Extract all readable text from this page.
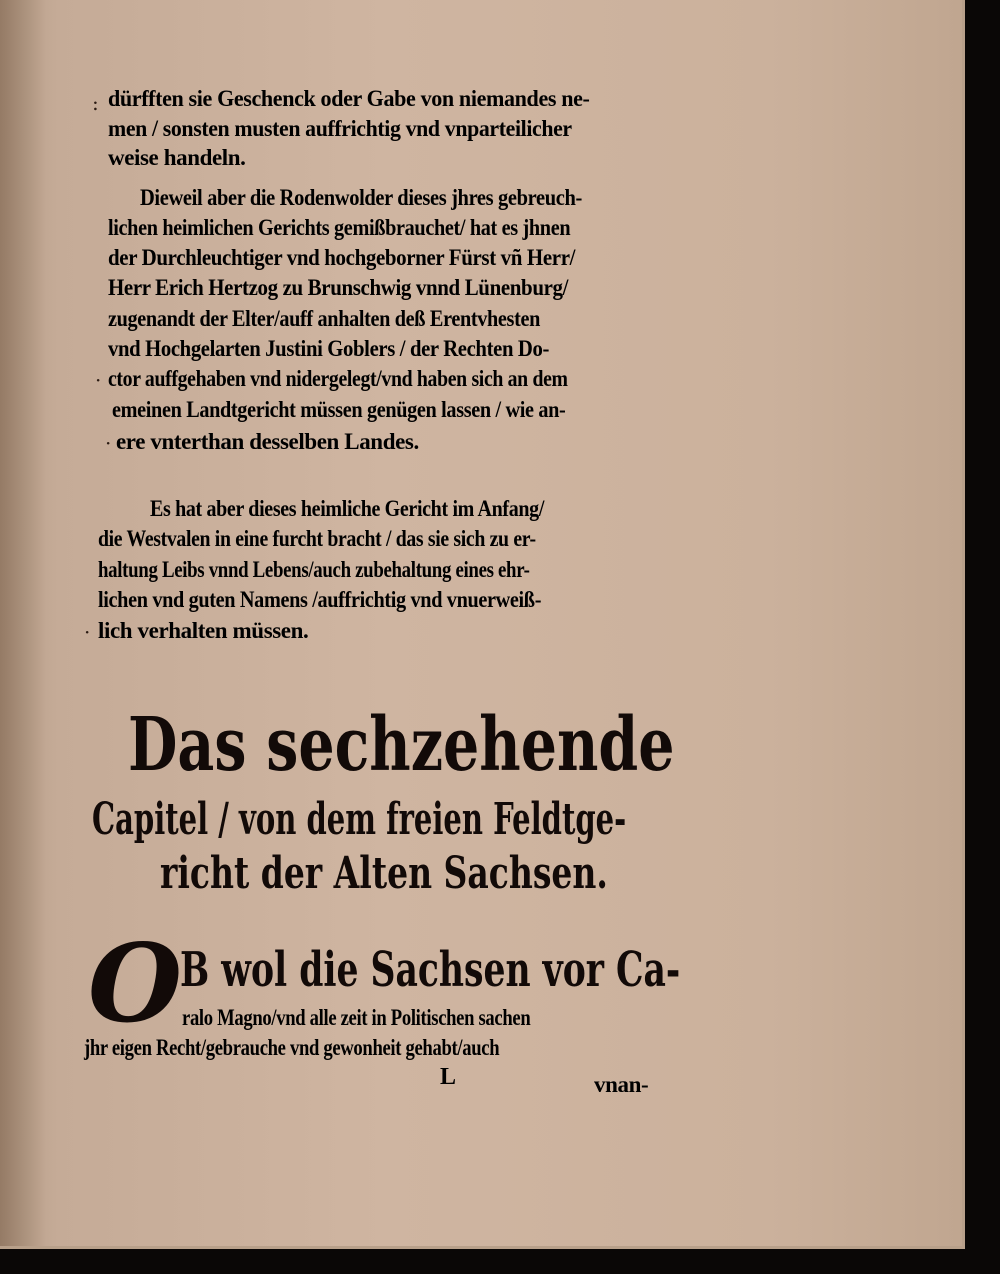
: dürfften sie Geschenck oder Gabe von niemandes ne-
men / sonsten musten auffrichtig vnd vnparteilicher
weise handeln.
Dieweil aber die Rodenwolder dieses jhres gebreuch-
lichen heimlichen Gerichts gemißbrauchet/ hat es jhnen
der Durchleuchtiger vnd hochgeborner Fürst vñ Herr/
Herr Erich Hertzog zu Brunschwig vnnd Lünenburg/
zugenandt der Elter/auff anhalten deß Erentvhesten
vnd Hochgelarten Justini Goblers / der Rechten Do-
· ctor auffgehaben vnd nidergelegt/vnd haben sich an dem
emeinen Landtgericht müssen genügen lassen / wie an-
· ere vnterthan desselben Landes.
Es hat aber dieses heimliche Gericht im Anfang/
die Westvalen in eine furcht bracht / das sie sich zu er-
haltung Leibs vnnd Lebens/auch zubehaltung eines ehr-
lichen vnd guten Namens /auffrichtig vnd vnuerweiß-
· lich verhalten müssen.
Das sechzehende
Capitel / von dem freien Feldtge-
richt der Alten Sachsen.
O
B wol die Sachsen vor Ca-
ralo Magno/vnd alle zeit in Politischen sachen
jhr eigen Recht/gebrauche vnd gewonheit gehabt/auch
L	vnan-
